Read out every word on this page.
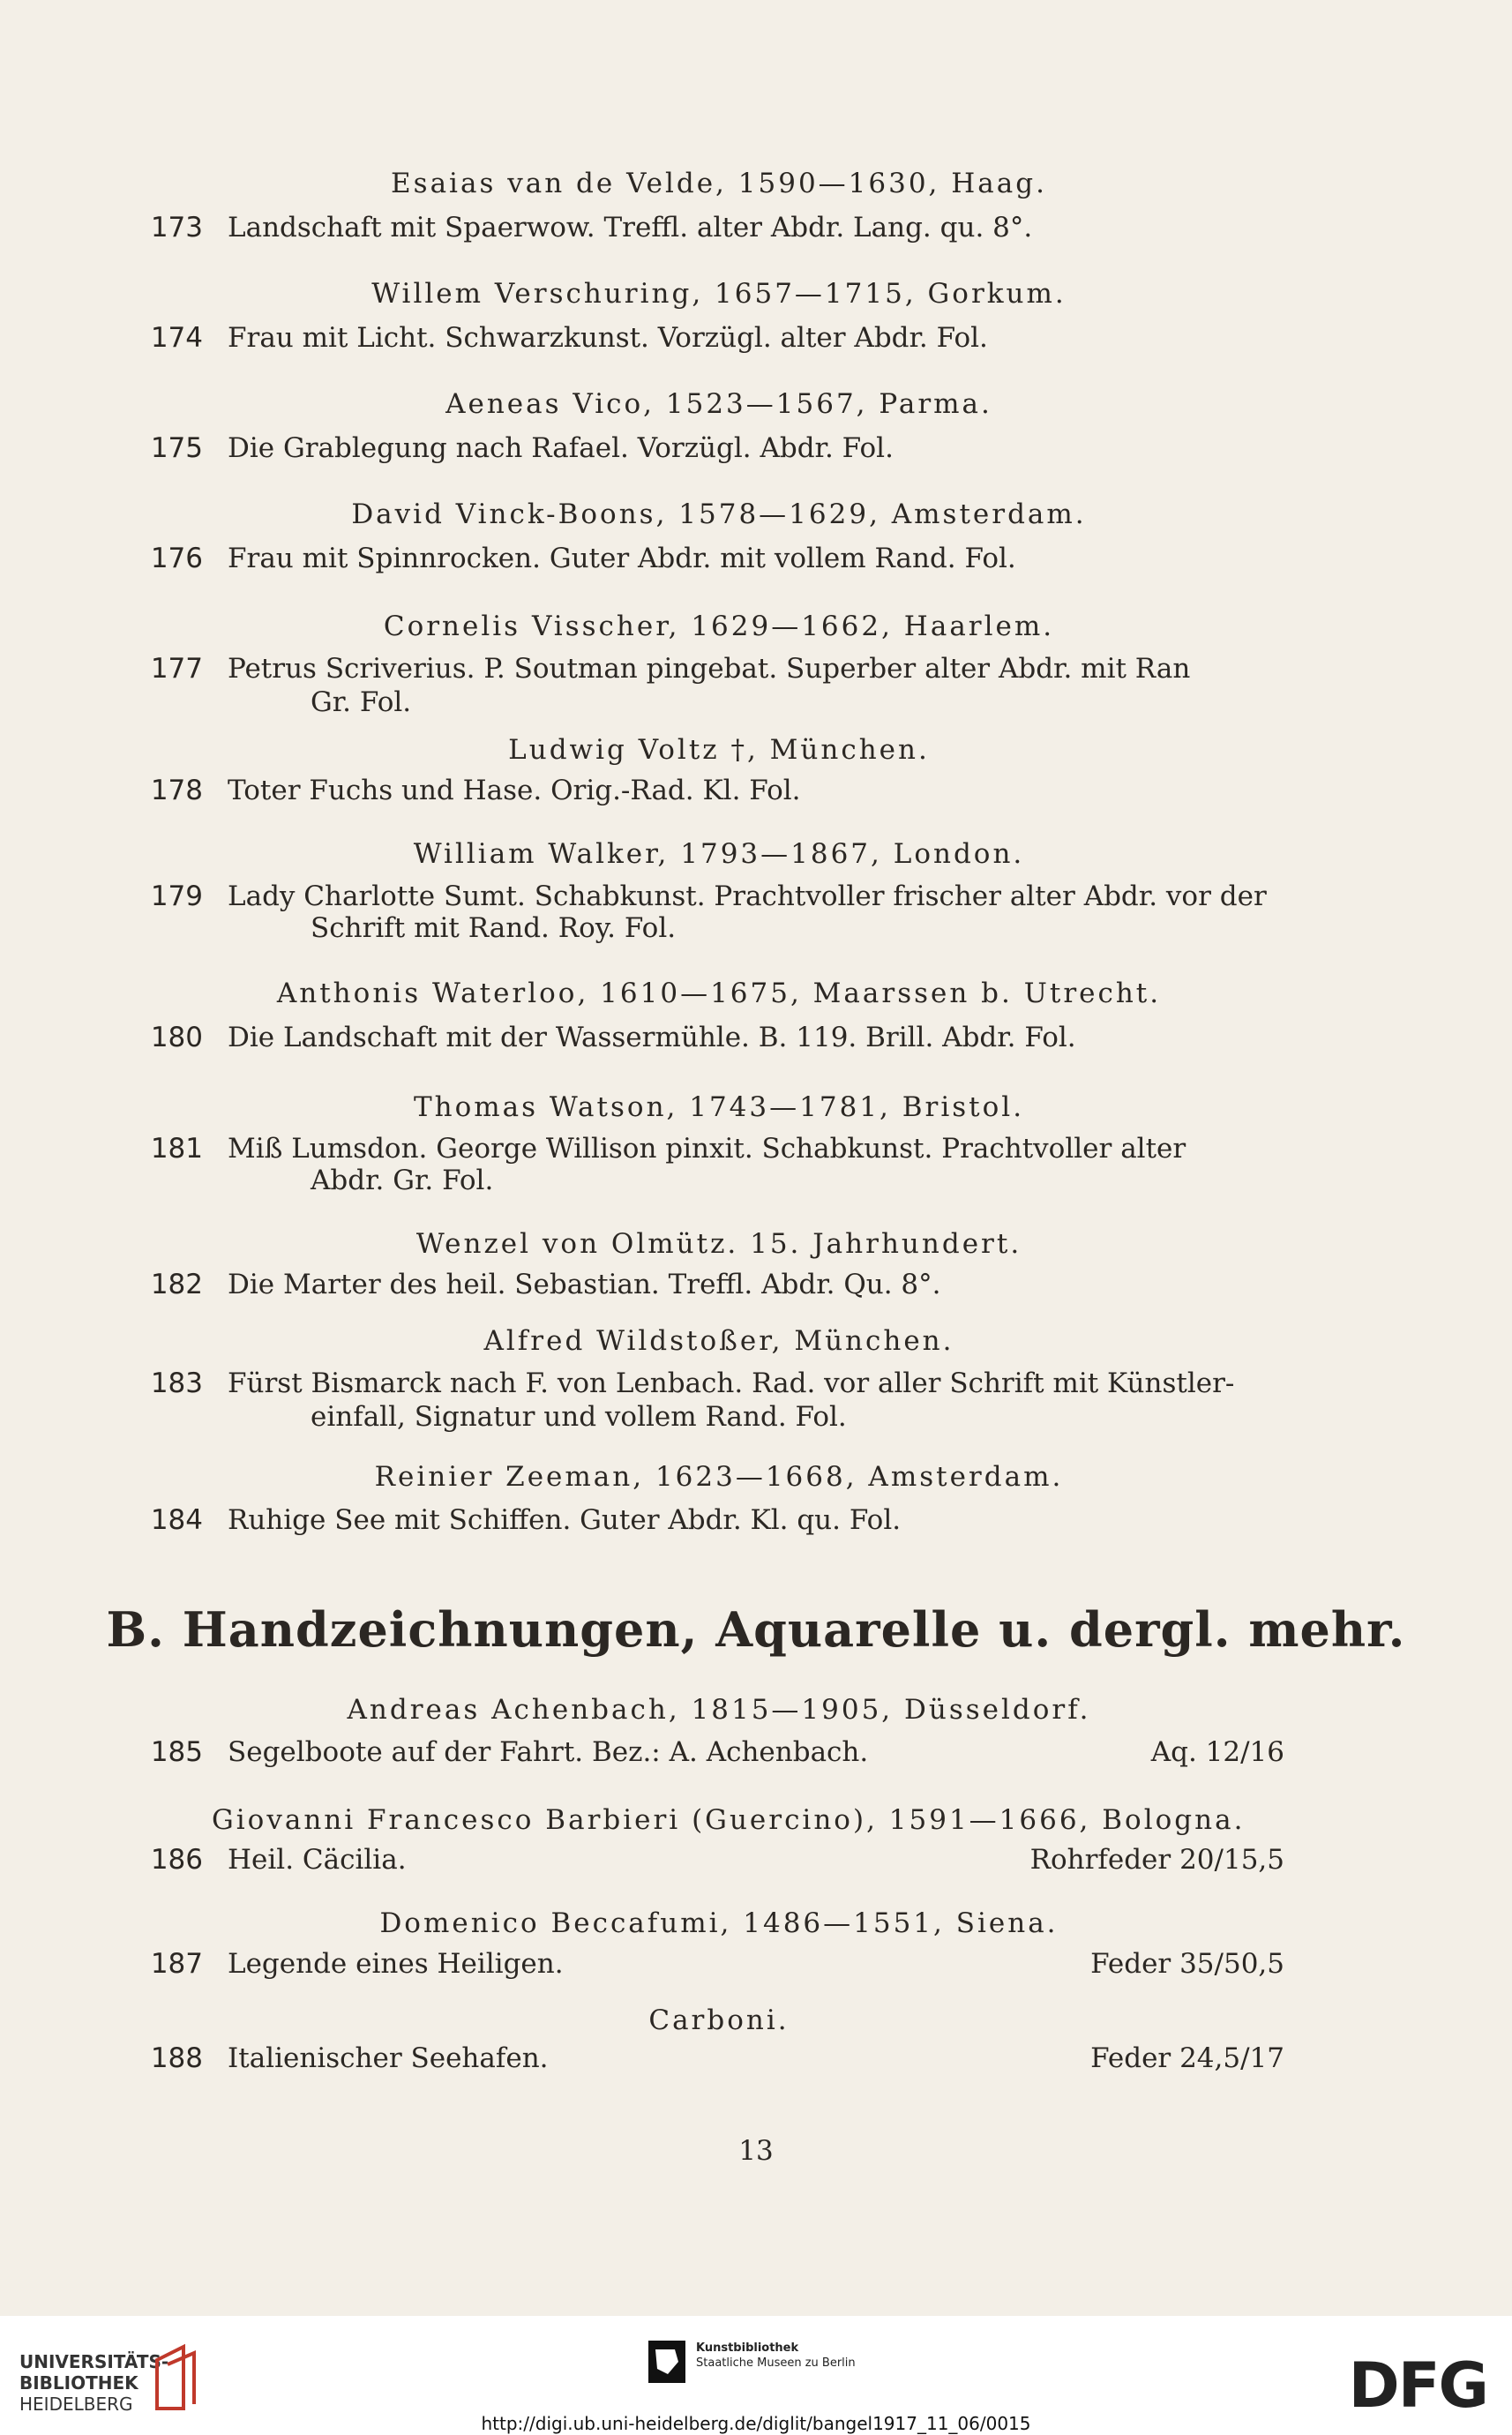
Esaias van de Velde, 1590—1630, Haag.
173 Landschaft mit Spaerwow. Treffl. alter Abdr. Lang. qu. 8°.
Willem Verschuring, 1657—1715, Gorkum.
174 Frau mit Licht. Schwarzkunst. Vorzügl. alter Abdr. Fol.
Aeneas Vico, 1523—1567, Parma.
175 Die Grablegung nach Rafael. Vorzügl. Abdr. Fol.
David Vinck-Boons, 1578—1629, Amsterdam.
176 Frau mit Spinnrocken. Guter Abdr. mit vollem Rand. Fol.
Cornelis Visscher, 1629—1662, Haarlem.
177 Petrus Scriverius. P. Soutman pingebat. Superber alter Abdr. mit Ran
Gr. Fol.
Ludwig Voltz †, München.
178 Toter Fuchs und Hase. Orig.-Rad. Kl. Fol.
William Walker, 1793—1867, London.
179 Lady Charlotte Sumt. Schabkunst. Prachtvoller frischer alter Abdr. vor der
Schrift mit Rand. Roy. Fol.
Anthonis Waterloo, 1610—1675, Maarssen b. Utrecht.
180 Die Landschaft mit der Wassermühle. B. 119. Brill. Abdr. Fol.
Thomas Watson, 1743—1781, Bristol.
181 Miß Lumsdon. George Willison pinxit. Schabkunst. Prachtvoller alter
Abdr. Gr. Fol.
Wenzel von Olmütz. 15. Jahrhundert.
182 Die Marter des heil. Sebastian. Treffl. Abdr. Qu. 8°.
Alfred Wildstoßer, München.
183 Fürst Bismarck nach F. von Lenbach. Rad. vor aller Schrift mit Künstler-
einfall, Signatur und vollem Rand. Fol.
Reinier Zeeman, 1623—1668, Amsterdam.
184 Ruhige See mit Schiffen. Guter Abdr. Kl. qu. Fol.
B. Handzeichnungen, Aquarelle u. dergl. mehr.
Andreas Achenbach, 1815—1905, Düsseldorf.
185 Segelboote auf der Fahrt. Bez.: A. Achenbach.	Aq. 12/16
Giovanni Francesco Barbieri (Guercino), 1591—1666, Bologna.
186 Heil. Cäcilia.	Rohrfeder 20/15,5
Domenico Beccafumi, 1486—1551, Siena.
187 Legende eines Heiligen.	Feder 35/50,5
Carboni.
188 Italienischer Seehafen.	Feder 24,5/17
13
UNIVERSITÄTS-
BIBLIOTHEK
HEIDELBERG
Kunstbibliothek
Staatliche Museen zu Berlin	DFG
http://digi.ub.uni-heidelberg.de/diglit/bangel1917_11_06/0015
